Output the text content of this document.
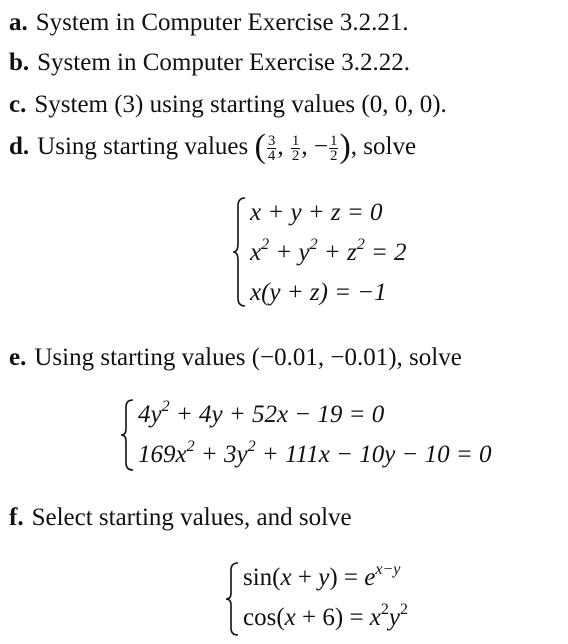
a. System in Computer Exercise 3.2.21.
b. System in Computer Exercise 3.2.22.
c. System (3) using starting values (0, 0, 0).
d. Using starting values ( $\frac{3}{4}$ , $\frac{1}{2}$ , − $\frac{1}{2}$ ), solve
x + y + z = 0
$x^2 + y^2 + z^2 = 2$
x(y + z) = −1
e. Using starting values (−0.01, −0.01), solve
$4y^2 + 4y + 52x - 19 = 0$
$169x^2 + 3y^2 + 111x - 10y - 10 = 0$
f. Select starting values, and solve
$\sin(x + y) = e^{x-y}$
$\cos(x + 6) = x^2y^2$
